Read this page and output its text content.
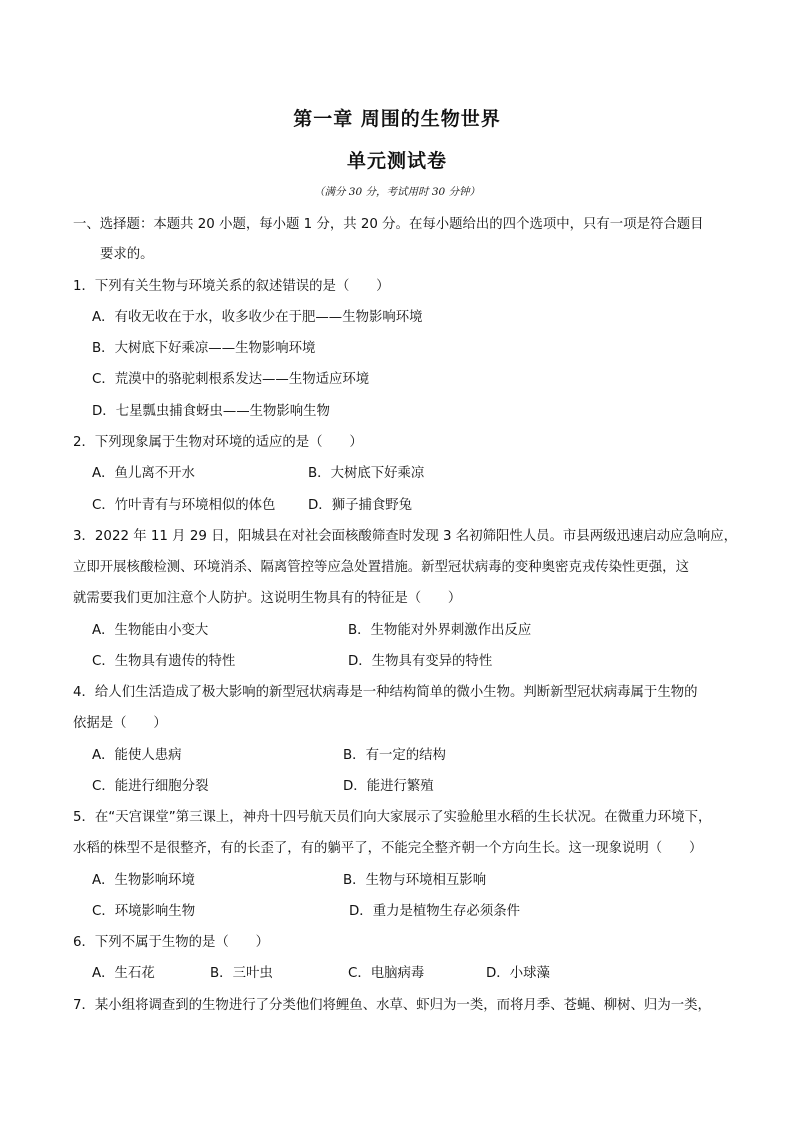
第一章 周围的生物世界
单元测试卷
（满分 30 分，考试用时 30 分钟）
一、选择题：本题共 20 小题，每小题 1 分，共 20 分。在每小题给出的四个选项中，只有一项是符合题目
要求的。
1．下列有关生物与环境关系的叙述错误的是（　　）
A．有收无收在于水，收多收少在于肥——生物影响环境
B．大树底下好乘凉——生物影响环境
C．荒漠中的骆驼刺根系发达——生物适应环境
D．七星瓢虫捕食蚜虫——生物影响生物
2．下列现象属于生物对环境的适应的是（　　）
A．鱼儿离不开水	B．大树底下好乘凉
C．竹叶青有与环境相似的体色 D．狮子捕食野兔
3．2022 年 11 月 29 日，阳城县在对社会面核酸筛查时发现 3 名初筛阳性人员。市县两级迅速启动应急响应，
立即开展核酸检测、环境消杀、隔离管控等应急处置措施。新型冠状病毒的变种奥密克戎传染性更强，这
就需要我们更加注意个人防护。这说明生物具有的特征是（　　）
A．生物能由小变大	B．生物能对外界刺激作出反应
C．生物具有遗传的特性	D．生物具有变异的特性
4．给人们生活造成了极大影响的新型冠状病毒是一种结构简单的微小生物。判断新型冠状病毒属于生物的
依据是（　　）
A．能使人患病	B．有一定的结构
C．能进行细胞分裂	D．能进行繁殖
5．在“天宫课堂”第三课上，神舟十四号航天员们向大家展示了实验舱里水稻的生长状况。在微重力环境下，
水稻的株型不是很整齐，有的长歪了，有的躺平了，不能完全整齐朝一个方向生长。这一现象说明（　　）
A．生物影响环境	B．生物与环境相互影响
C．环境影响生物	D．重力是植物生存必须条件
6．下列不属于生物的是（　　）
A．生石花	B．三叶虫	C．电脑病毒	D．小球藻
7．某小组将调查到的生物进行了分类他们将鲤鱼、水草、虾归为一类，而将月季、苍蝇、柳树、归为一类，
